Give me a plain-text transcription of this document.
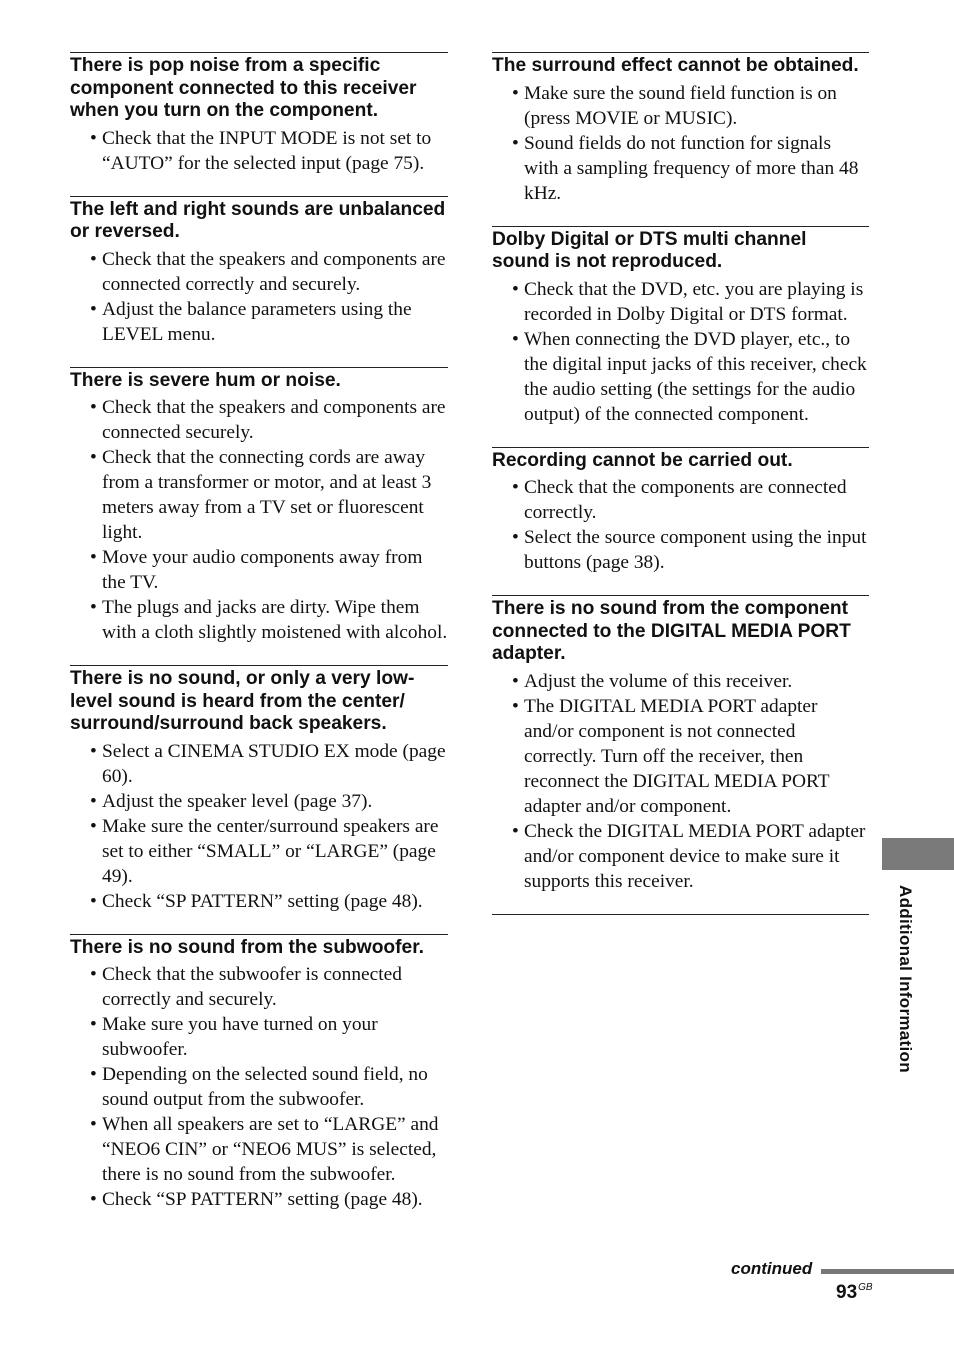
There is pop noise from a specific component connected to this receiver when you turn on the component.
• Check that the INPUT MODE is not set to “AUTO” for the selected input (page 75).
The left and right sounds are unbalanced or reversed.
• Check that the speakers and components are connected correctly and securely.
• Adjust the balance parameters using the LEVEL menu.
There is severe hum or noise.
• Check that the speakers and components are connected securely.
• Check that the connecting cords are away from a transformer or motor, and at least 3 meters away from a TV set or fluorescent light.
• Move your audio components away from the TV.
• The plugs and jacks are dirty. Wipe them with a cloth slightly moistened with alcohol.
There is no sound, or only a very low-level sound is heard from the center/ surround/surround back speakers.
• Select a CINEMA STUDIO EX mode (page 60).
• Adjust the speaker level (page 37).
• Make sure the center/surround speakers are set to either “SMALL” or “LARGE” (page 49).
• Check “SP PATTERN” setting (page 48).
There is no sound from the subwoofer.
• Check that the subwoofer is connected correctly and securely.
• Make sure you have turned on your subwoofer.
• Depending on the selected sound field, no sound output from the subwoofer.
• When all speakers are set to “LARGE” and “NEO6 CIN” or “NEO6 MUS” is selected, there is no sound from the subwoofer.
• Check “SP PATTERN” setting (page 48).
The surround effect cannot be obtained.
• Make sure the sound field function is on (press MOVIE or MUSIC).
• Sound fields do not function for signals with a sampling frequency of more than 48 kHz.
Dolby Digital or DTS multi channel sound is not reproduced.
• Check that the DVD, etc. you are playing is recorded in Dolby Digital or DTS format.
• When connecting the DVD player, etc., to the digital input jacks of this receiver, check the audio setting (the settings for the audio output) of the connected component.
Recording cannot be carried out.
• Check that the components are connected correctly.
• Select the source component using the input buttons (page 38).
There is no sound from the component connected to the DIGITAL MEDIA PORT adapter.
• Adjust the volume of this receiver.
• The DIGITAL MEDIA PORT adapter and/or component is not connected correctly. Turn off the receiver, then reconnect the DIGITAL MEDIA PORT adapter and/or component.
• Check the DIGITAL MEDIA PORT adapter and/or component device to make sure it supports this receiver.
Additional Information
continued
$93^{GB}$
